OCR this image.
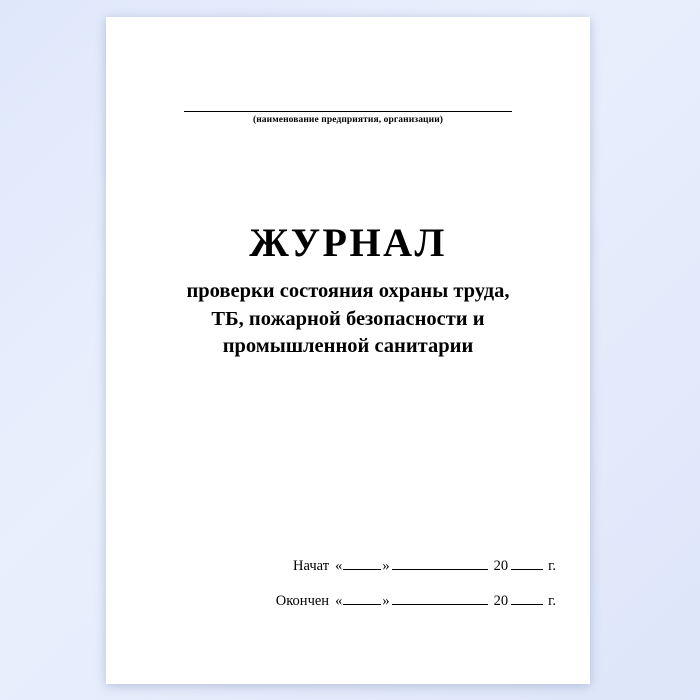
(наименование предприятия, организации)
ЖУРНАЛ
проверки состояния охраны труда,
ТБ, пожарной безопасности и
промышленной санитарии
Начат «	»	20	г.
Окончен «	»	20	г.
